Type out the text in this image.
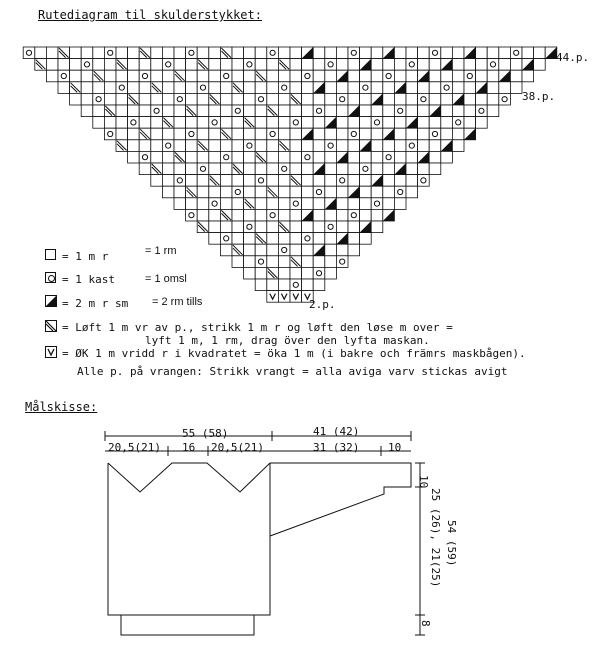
Rutediagram til skulderstykket:
44.p.
38.p.
2.p.
= 1 m r	= 1 rm
= 1 kast	= 1 omsl
= 2 m r sm = 2 rm tills
= Løft 1 m vr av p., strikk 1 m r og løft den løse m over =
lyft 1 m, 1 rm, drag över den lyfta maskan.
= ØK 1 m vridd r i kvadratet = öka 1 m (i bakre och främrs maskbågen).
Alle p. på vrangen: Strikk vrangt = alla aviga varv stickas avigt
Målskisse:
55 (58)
20,5(21) 16 20,5(21)
41 (42)
31 (32)	10
10
25 (26), 21(25) 54 (59)
8
